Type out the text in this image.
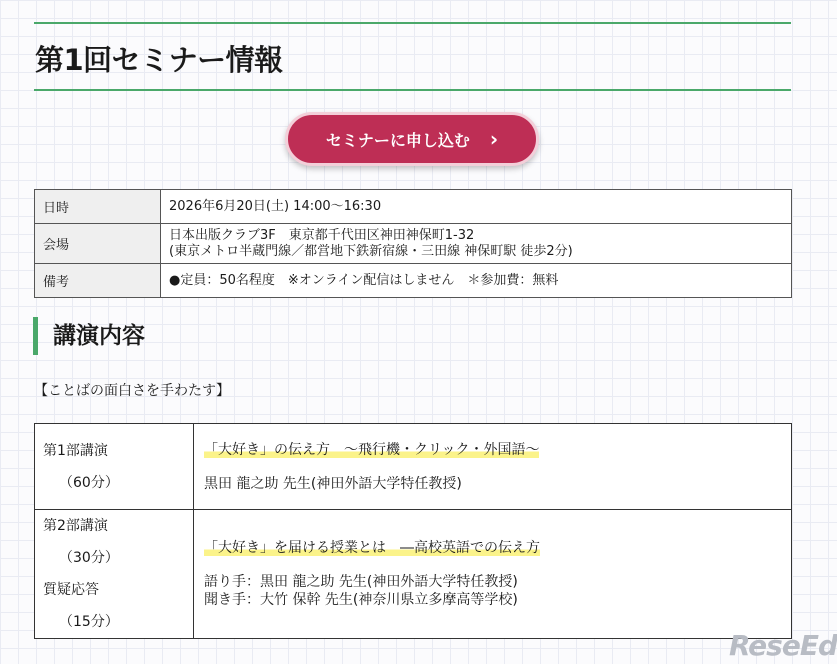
第1回セミナー情報
セミナーに申し込む ›
日時	2026年6月20日(土) 14:00～16:30
会場	日本出版クラブ3F　東京都千代田区神田神保町1-32
(東京メトロ半蔵門線／都営地下鉄新宿線・三田線 神保町駅 徒歩2分)

備考	●定員：50名程度　※オンライン配信はしません　＊参加費：無料
講演内容
【ことばの面白さを手わたす】
第1部講演
（60分）	「大好き」の伝え方　～飛行機・クリック・外国語～
黒田 龍之助 先生(神田外語大学特任教授)

第2部講演
（30分）
質疑応答
（15分）	「大好き」を届ける授業とは　―高校英語での伝え方
語り手：黒田 龍之助 先生(神田外語大学特任教授)
聞き手：大竹 保幹 先生(神奈川県立多摩高等学校)
ReseEd
